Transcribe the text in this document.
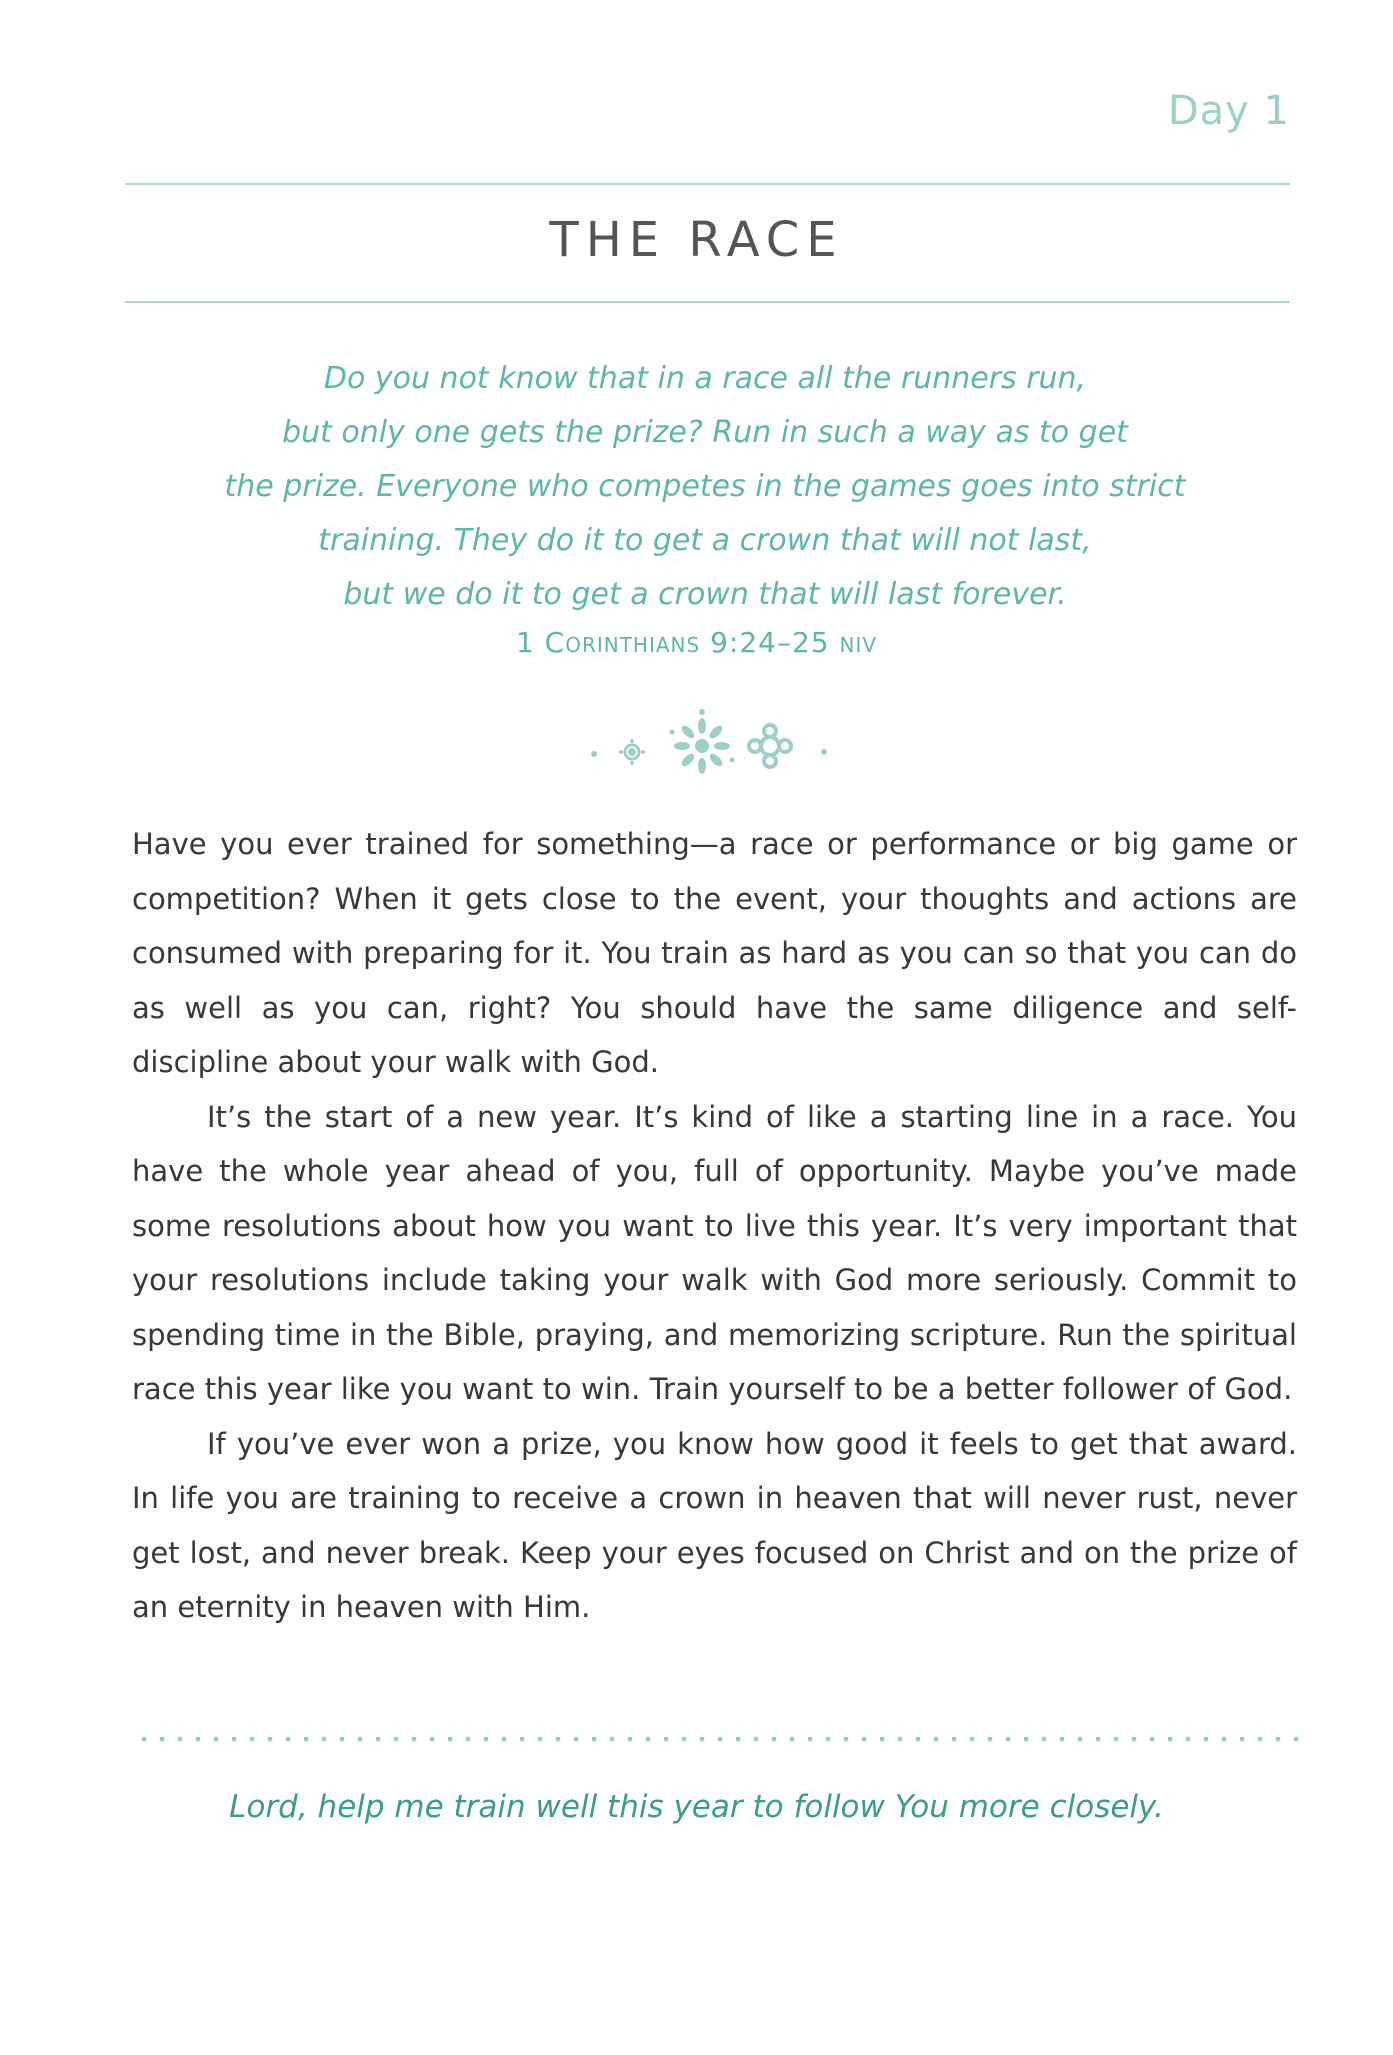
Day 1
THE RACE
Do you not know that in a race all the runners run,
but only one gets the prize? Run in such a way as to get
the prize. Everyone who competes in the games goes into strict
training. They do it to get a crown that will not last,
but we do it to get a crown that will last forever.
1 Corinthians 9:24–25 niv

Have you ever trained for something—a race or performance or big game or competition? When it gets close to the event, your thoughts and actions are consumed with preparing for it. You train as hard as you can so that you can do as well as you can, right? You should have the same diligence and self-discipline about your walk with God.

It’s the start of a new year. It’s kind of like a starting line in a race. You have the whole year ahead of you, full of opportunity. Maybe you’ve made some resolutions about how you want to live this year. It’s very important that your resolutions include taking your walk with God more seriously. Commit to spending time in the Bible, praying, and memorizing scripture. Run the spiritual race this year like you want to win. Train yourself to be a better follower of God.

If you’ve ever won a prize, you know how good it feels to get that award. In life you are training to receive a crown in heaven that will never rust, never get lost, and never break. Keep your eyes focused on Christ and on the prize of an eternity in heaven with Him.

Lord, help me train well this year to follow You more closely.
